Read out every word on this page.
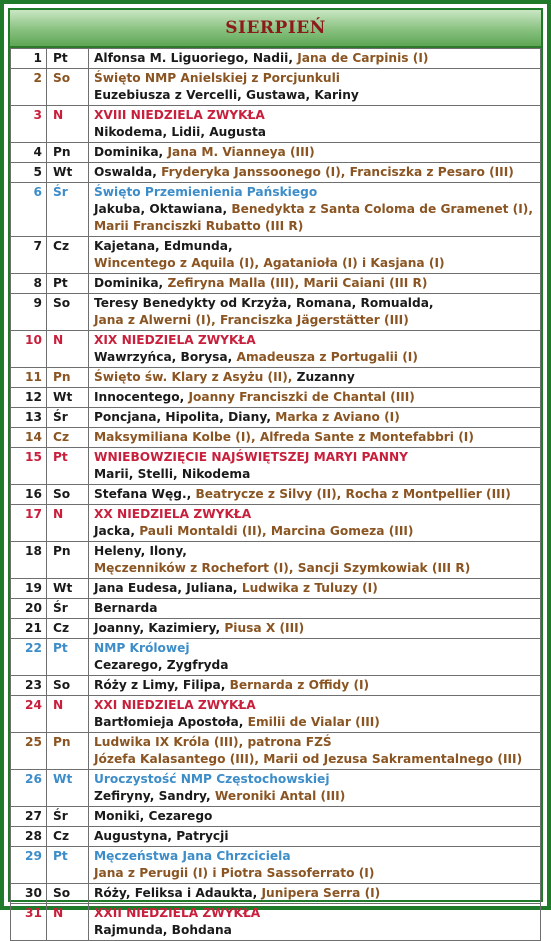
SIERPIEŃ
1	Pt	Alfonsa M. Liguoriego, Nadii, Jana de Carpinis (I)

2	So	Święto NMP Anielskiej z Porcjunkuli
Euzebiusza z Vercelli, Gustawa, Kariny

3	N	XVIII NIEDZIELA ZWYKŁA
Nikodema, Lidii, Augusta

4	Pn	Dominika, Jana M. Vianneya (III)

5	Wt	Oswalda, Fryderyka Janssoonego (I), Franciszka z Pesaro (III)

6	Śr	Święto Przemienienia Pańskiego
Jakuba, Oktawiana, Benedykta z Santa Coloma de Gramenet (I),
Marii Franciszki Rubatto (III R)

7	Cz	Kajetana, Edmunda,
Wincentego z Aquila (I), Agatanioła (I) i Kasjana (I)

8	Pt	Dominika, Zefiryna Malla (III), Marii Caiani (III R)

9	So	Teresy Benedykty od Krzyża, Romana, Romualda,
Jana z Alwerni (I), Franciszka Jägerstätter (III)

10	N	XIX NIEDZIELA ZWYKŁA
Wawrzyńca, Borysa, Amadeusza z Portugalii (I)

11	Pn	Święto św. Klary z Asyżu (II), Zuzanny

12	Wt	Innocentego, Joanny Franciszki de Chantal (III)

13	Śr	Poncjana, Hipolita, Diany, Marka z Aviano (I)

14	Cz	Maksymiliana Kolbe (I), Alfreda Sante z Montefabbri (I)

15	Pt	WNIEBOWZIĘCIE NAJŚWIĘTSZEJ MARYI PANNY
Marii, Stelli, Nikodema

16	So	Stefana Węg., Beatrycze z Silvy (II), Rocha z Montpellier (III)

17	N	XX NIEDZIELA ZWYKŁA
Jacka, Pauli Montaldi (II), Marcina Gomeza (III)

18	Pn	Heleny, Ilony,
Męczenników z Rochefort (I), Sancji Szymkowiak (III R)

19	Wt	Jana Eudesa, Juliana, Ludwika z Tuluzy (I)

20	Śr	Bernarda

21	Cz	Joanny, Kazimiery, Piusa X (III)

22	Pt	NMP Królowej
Cezarego, Zygfryda

23	So	Róży z Limy, Filipa, Bernarda z Offidy (I)

24	N	XXI NIEDZIELA ZWYKŁA
Bartłomieja Apostoła, Emilii de Vialar (III)

25	Pn	Ludwika IX Króla (III), patrona FZŚ
Józefa Kalasantego (III), Marii od Jezusa Sakramentalnego (III)

26	Wt	Uroczystość NMP Częstochowskiej
Zefiryny, Sandry, Weroniki Antal (III)

27	Śr	Moniki, Cezarego

28	Cz	Augustyna, Patrycji

29	Pt	Męczeństwa Jana Chrzciciela
Jana z Perugii (I) i Piotra Sassoferrato (I)

30	So	Róży, Feliksa i Adaukta, Junipera Serra (I)

31	N	XXII NIEDZIELA ZWYKŁA
Rajmunda, Bohdana
